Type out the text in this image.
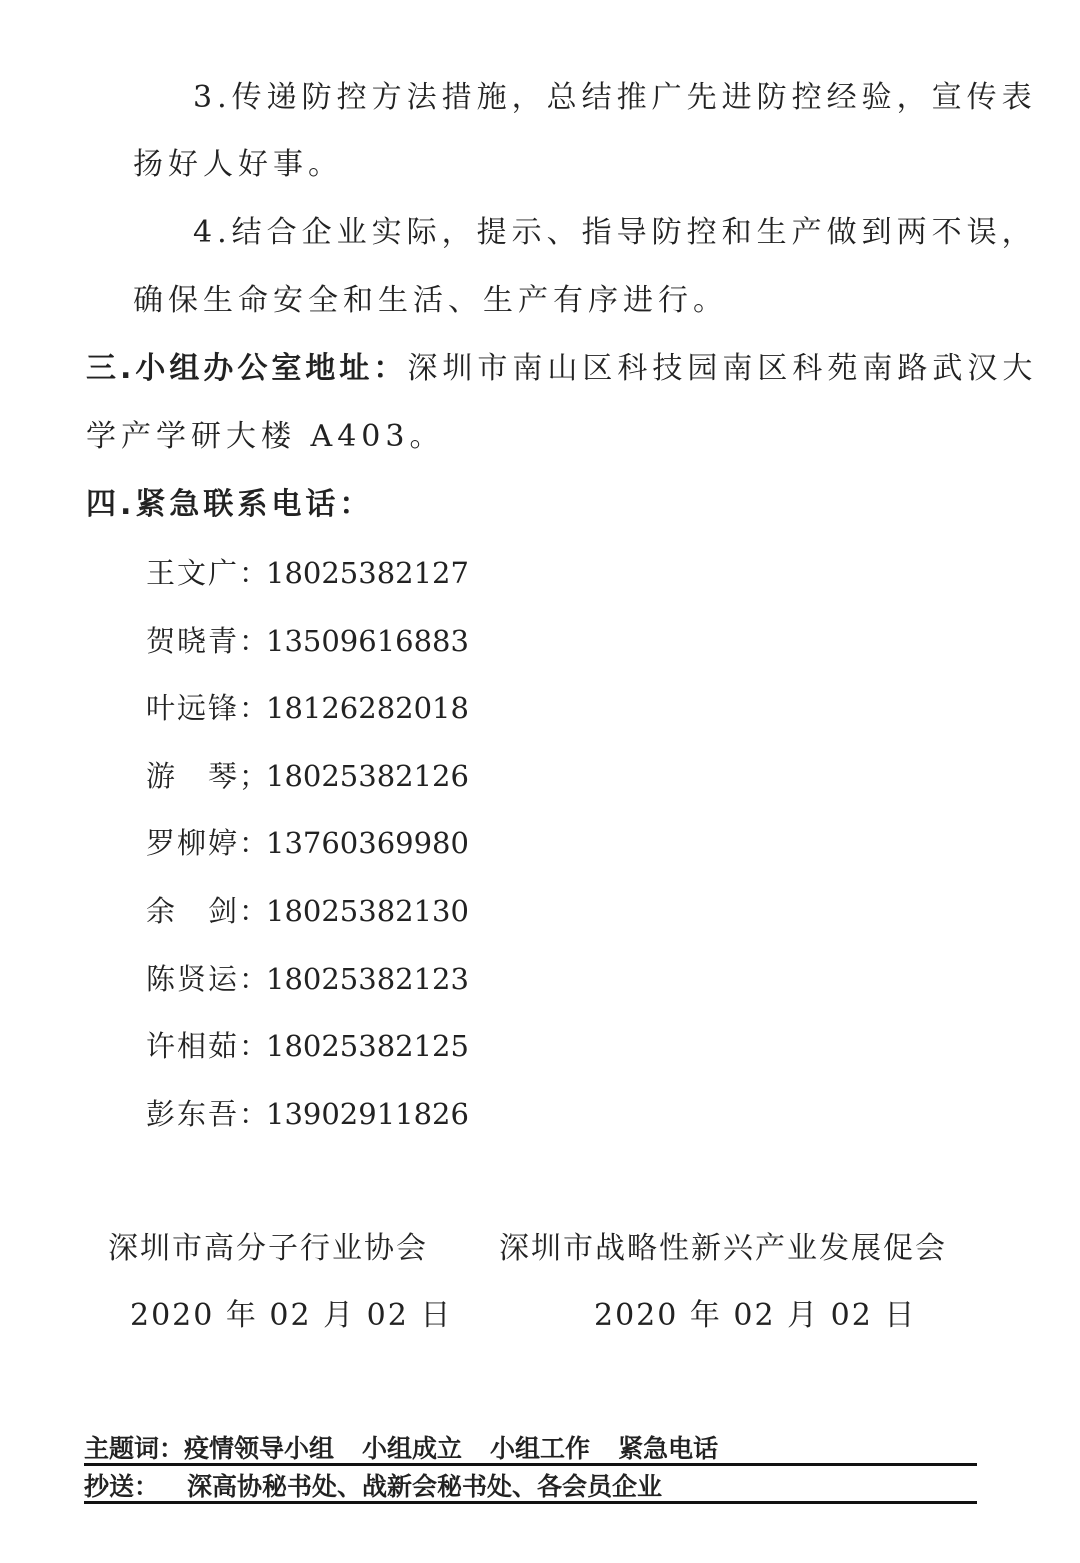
3.传递防控方法措施，总结推广先进防控经验，宣传表
扬好人好事。
4.结合企业实际，提示、指导防控和生产做到两不误，
确保生命安全和生活、生产有序进行。
三.小组办公室地址：深圳市南山区科技园南区科苑南路武汉大
学产学研大楼 A403。
四.紧急联系电话：
王文广：18025382127
贺晓青：13509616883
叶远锋：18126282018
游　琴；18025382126
罗柳婷：13760369980
余　剑：18025382130
陈贤运：18025382123
许相茹：18025382125
彭东吾：13902911826
深圳市高分子行业协会
2020 年 02 月 02 日
深圳市战略性新兴产业发展促会
2020 年 02 月 02 日
主题词：疫情领导小组 小组成立 小组工作 紧急电话
抄送： 深高协秘书处、战新会秘书处、各会员企业
